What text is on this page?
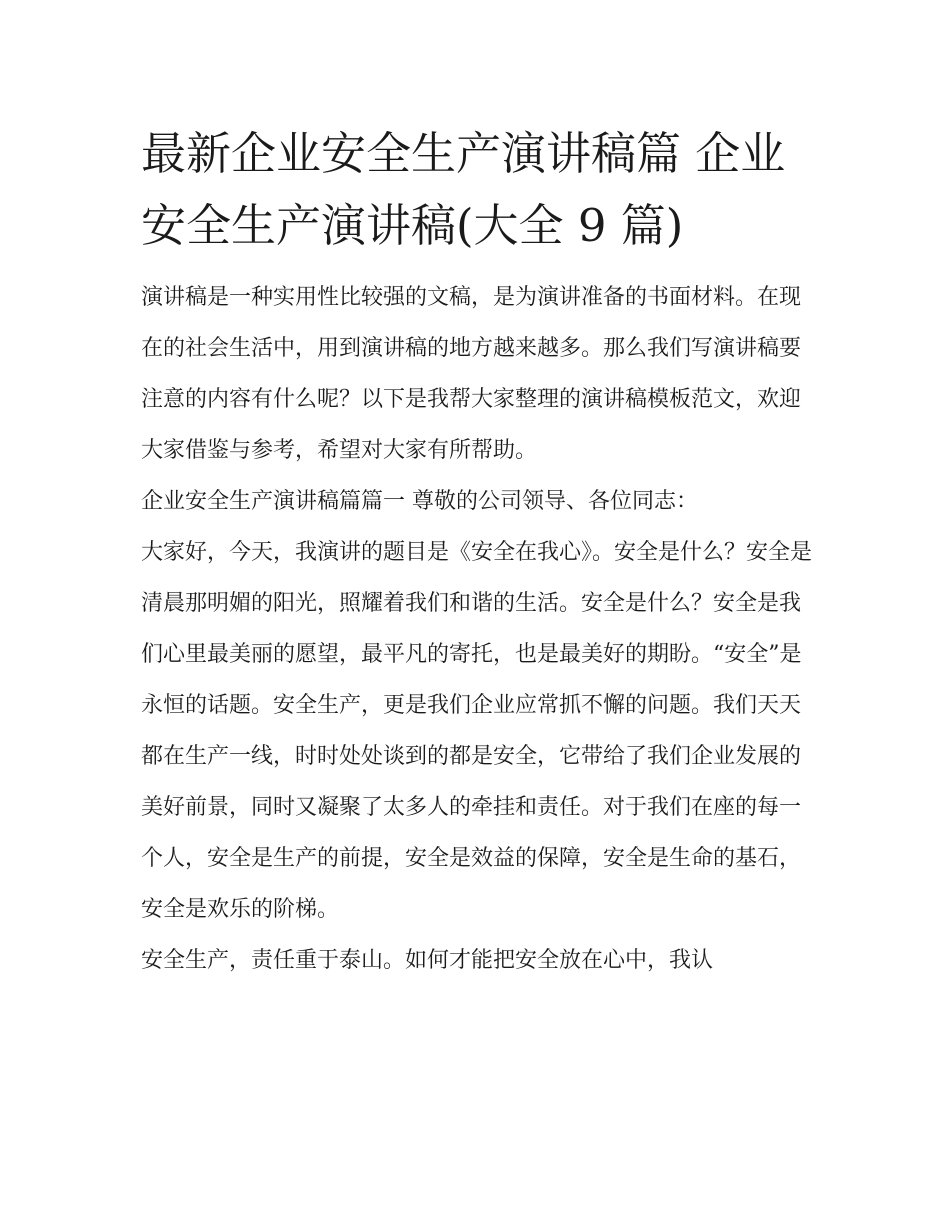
最新企业安全生产演讲稿篇 企业安全生产演讲稿(大全 9 篇)

演讲稿是一种实用性比较强的文稿，是为演讲准备的书面材料。在现在的社会生活中，用到演讲稿的地方越来越多。那么我们写演讲稿要注意的内容有什么呢？以下是我帮大家整理的演讲稿模板范文，欢迎大家借鉴与参考，希望对大家有所帮助。

企业安全生产演讲稿篇篇一 尊敬的公司领导、各位同志：

大家好，今天，我演讲的题目是《安全在我心》。安全是什么？安全是清晨那明媚的阳光，照耀着我们和谐的生活。安全是什么？安全是我们心里最美丽的愿望，最平凡的寄托，也是最美好的期盼。“安全”是永恒的话题。安全生产，更是我们企业应常抓不懈的问题。我们天天都在生产一线，时时处处谈到的都是安全，它带给了我们企业发展的美好前景，同时又凝聚了太多人的牵挂和责任。对于我们在座的每一个人，安全是生产的前提，安全是效益的保障，安全是生命的基石，安全是欢乐的阶梯。

安全生产，责任重于泰山。如何才能把安全放在心中，我认
